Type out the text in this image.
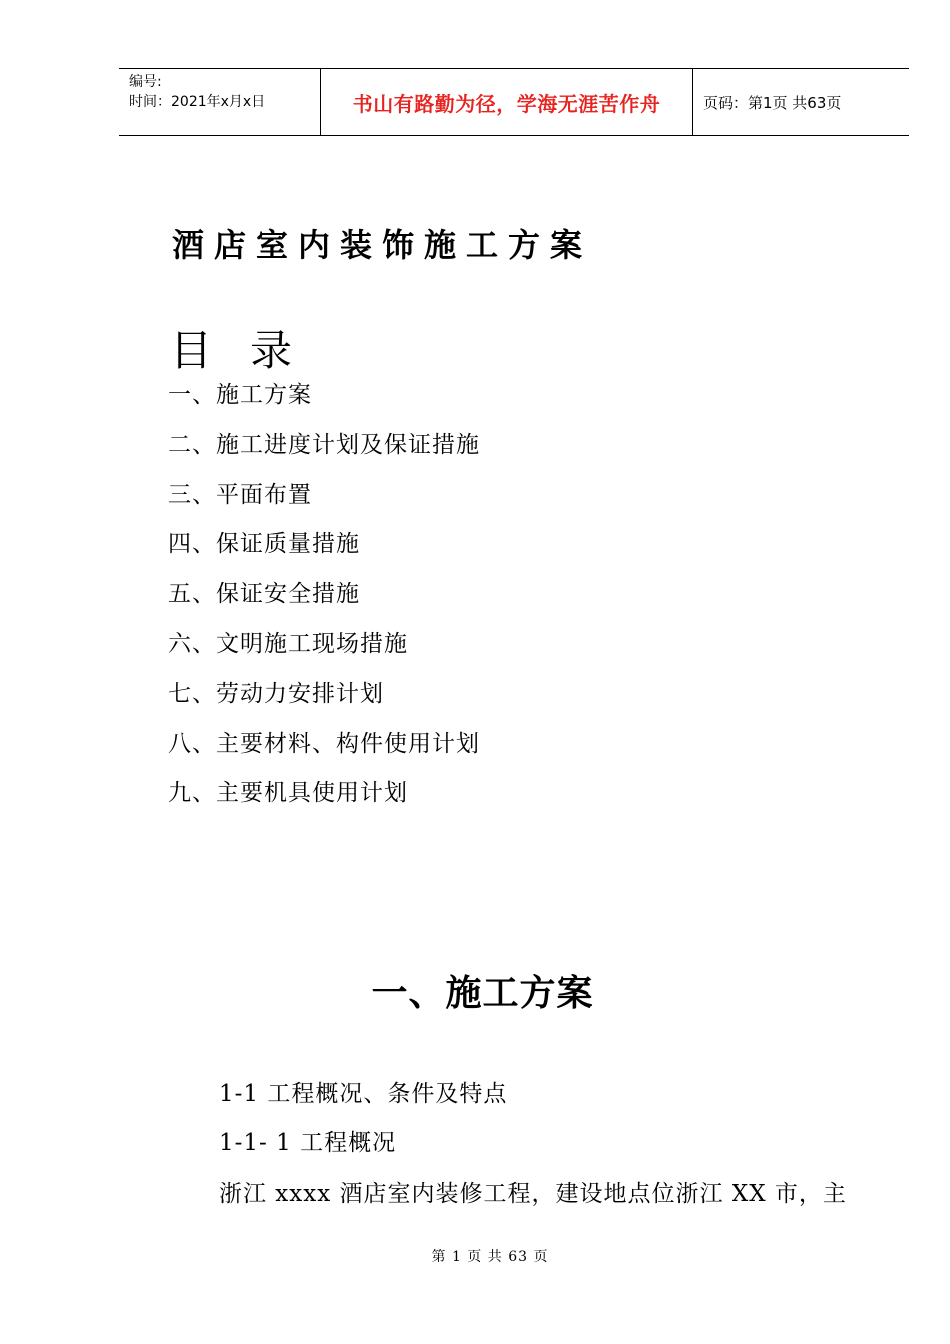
编号:
时间：2021年x月x日	书山有路勤为径，学海无涯苦作舟	页码：第1页 共63页
酒店室内装饰施工方案
目录
一、施工方案
二、施工进度计划及保证措施
三、平面布置
四、保证质量措施
五、保证安全措施
六、文明施工现场措施
七、劳动力安排计划
八、主要材料、构件使用计划
九、主要机具使用计划
一、施工方案
1-1 工程概况、条件及特点
1-1- 1 工程概况
浙江 xxxx 酒店室内装修工程，建设地点位浙江 XX 市，主
第 1 页 共 63 页
